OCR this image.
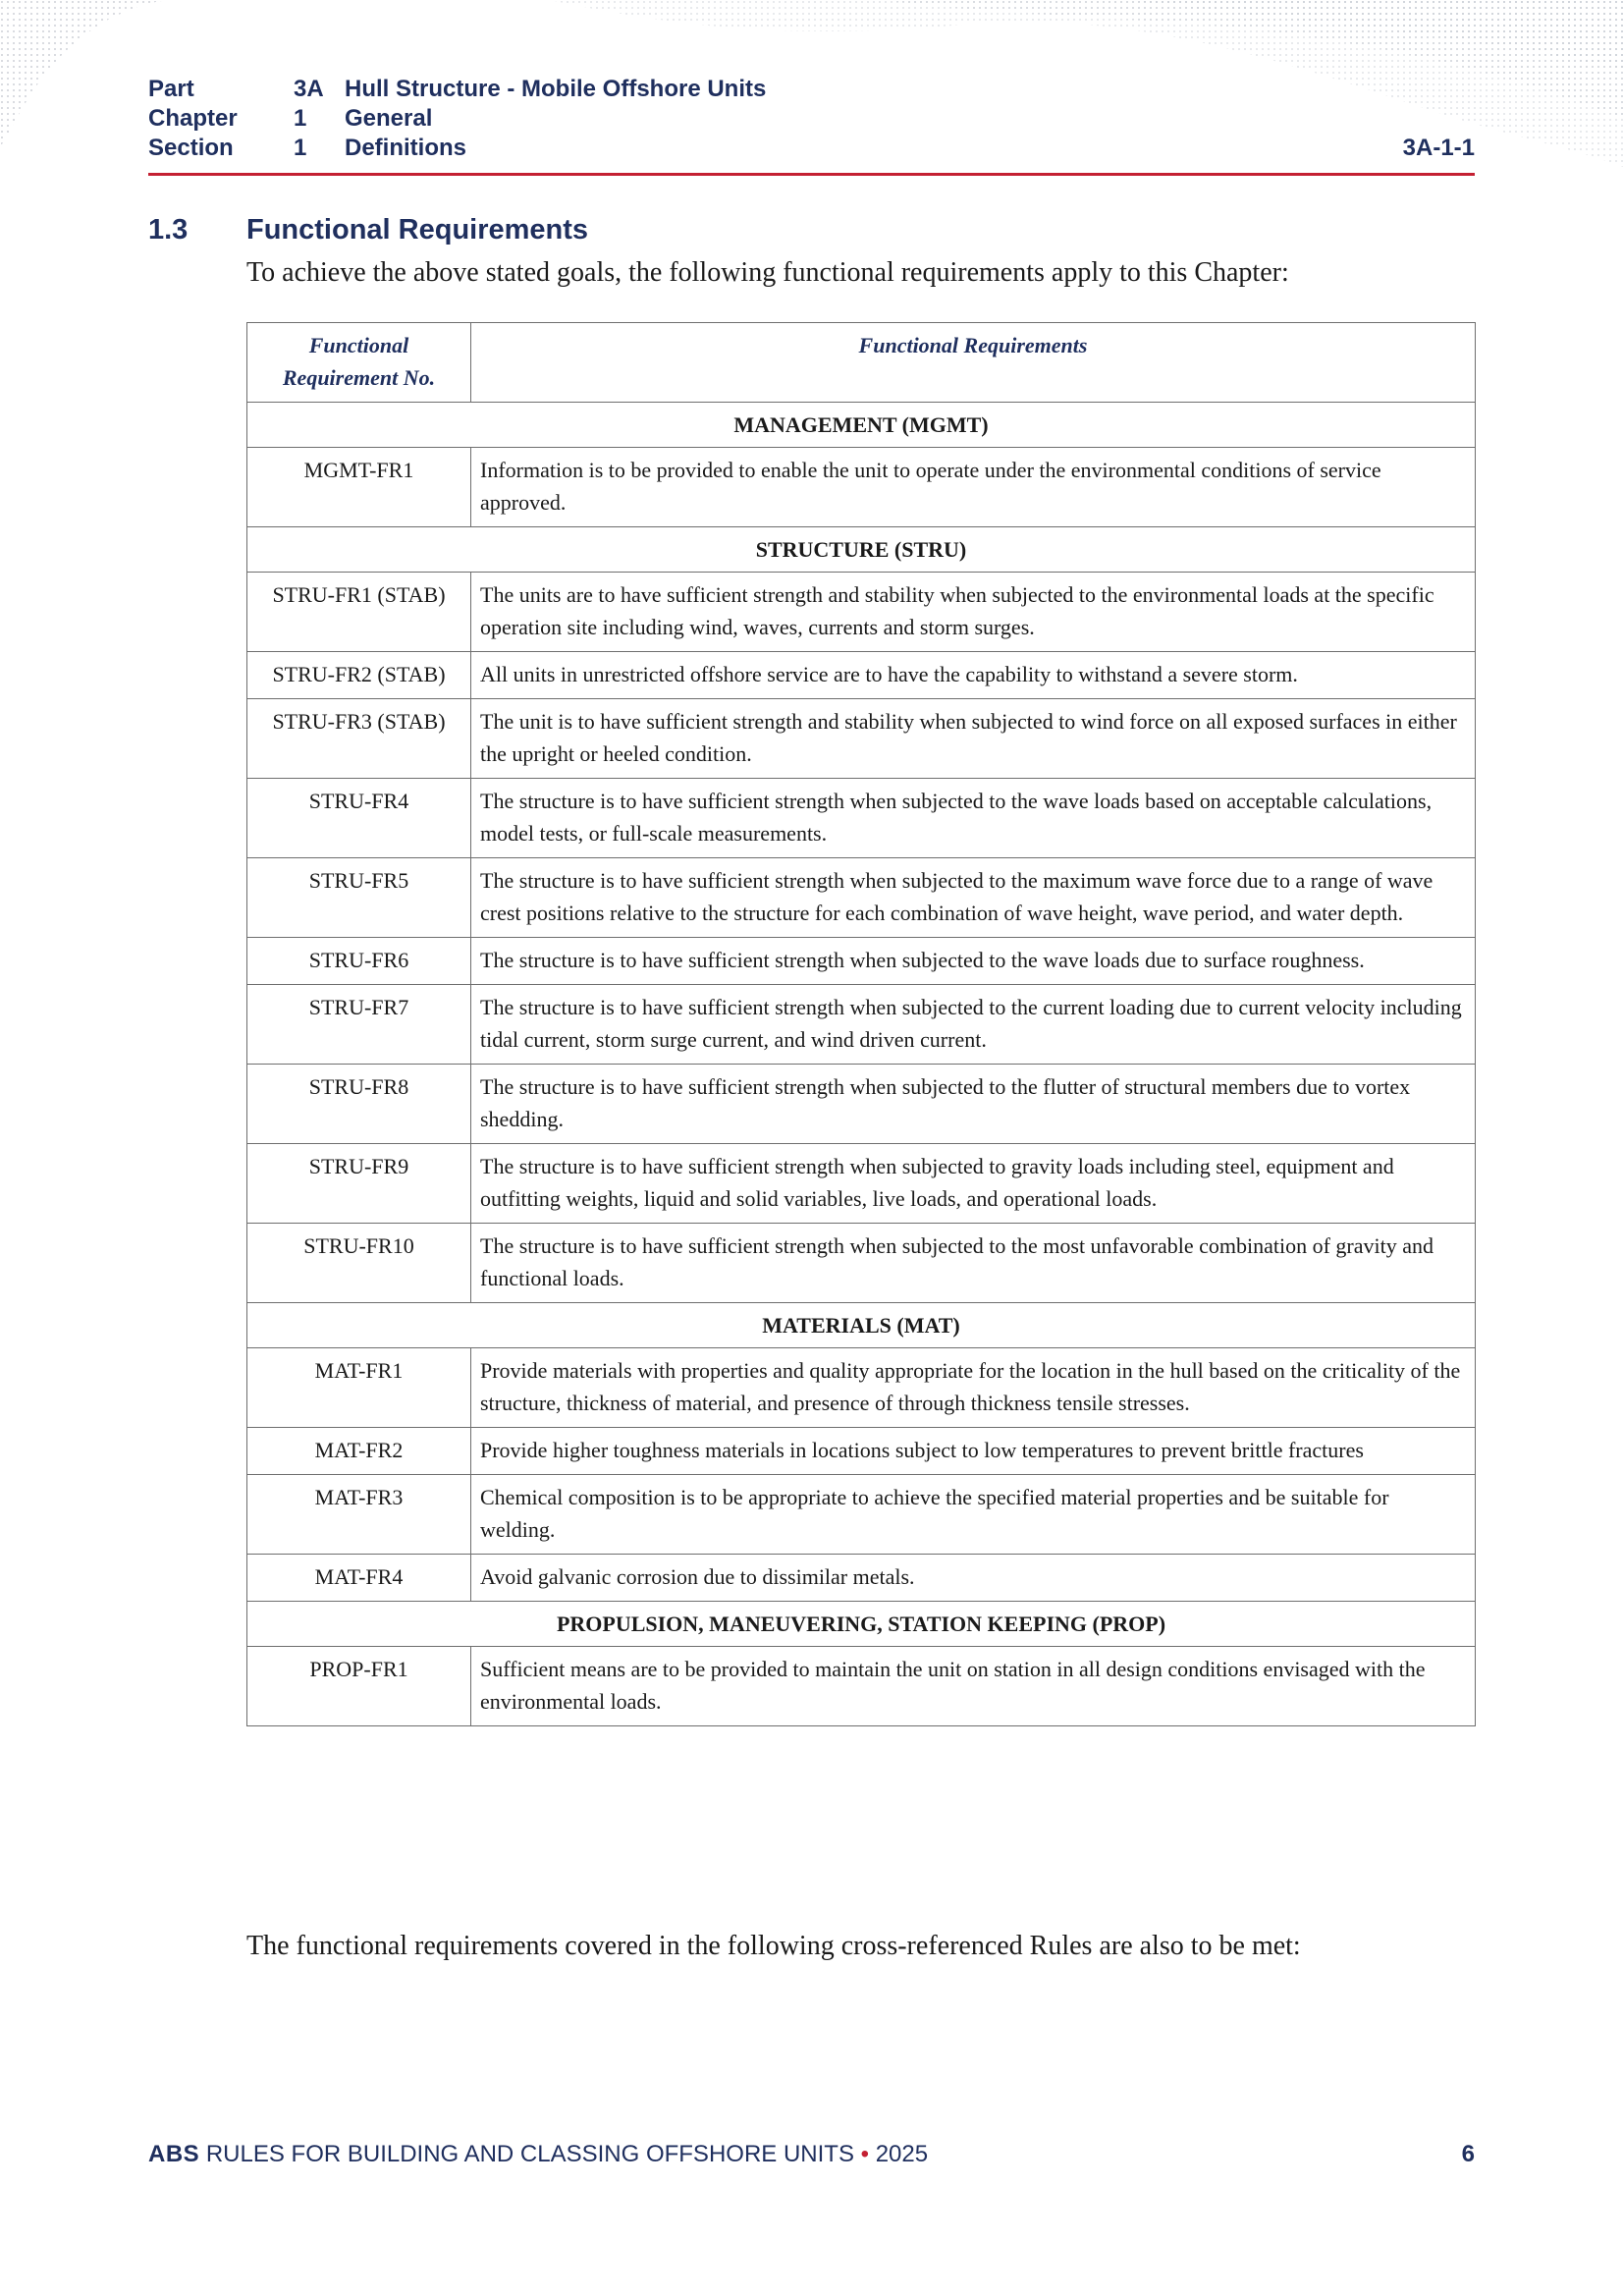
Part	3A Hull Structure - Mobile Offshore Units
Chapter 1 General
Section	1 Definitions	3A-1-1
1.3 Functional Requirements
To achieve the above stated goals, the following functional requirements apply to this Chapter:
Functional
Requirement No.	Functional Requirements
MANAGEMENT (MGMT)	
MGMT-FR1	Information is to be provided to enable the unit to operate under the environmental conditions of service approved.
STRUCTURE (STRU)	
STRU-FR1 (STAB)	The units are to have sufficient strength and stability when subjected to the environmental loads at the specific operation site including wind, waves, currents and storm surges.
STRU-FR2 (STAB)	All units in unrestricted offshore service are to have the capability to withstand a severe storm.
STRU-FR3 (STAB)	The unit is to have sufficient strength and stability when subjected to wind force on all exposed surfaces in either the upright or heeled condition.
STRU-FR4	The structure is to have sufficient strength when subjected to the wave loads based on acceptable calculations, model tests, or full-scale measurements.
STRU-FR5	The structure is to have sufficient strength when subjected to the maximum wave force due to a range of wave crest positions relative to the structure for each combination of wave height, wave period, and water depth.
STRU-FR6	The structure is to have sufficient strength when subjected to the wave loads due to surface roughness.
STRU-FR7	The structure is to have sufficient strength when subjected to the current loading due to current velocity including tidal current, storm surge current, and wind driven current.
STRU-FR8	The structure is to have sufficient strength when subjected to the flutter of structural members due to vortex shedding.
STRU-FR9	The structure is to have sufficient strength when subjected to gravity loads including steel, equipment and outfitting weights, liquid and solid variables, live loads, and operational loads.
STRU-FR10	The structure is to have sufficient strength when subjected to the most unfavorable combination of gravity and functional loads.
MATERIALS (MAT)	
MAT-FR1	Provide materials with properties and quality appropriate for the location in the hull based on the criticality of the structure, thickness of material, and presence of through thickness tensile stresses.
MAT-FR2	Provide higher toughness materials in locations subject to low temperatures to prevent brittle fractures
MAT-FR3	Chemical composition is to be appropriate to achieve the specified material properties and be suitable for welding.
MAT-FR4	Avoid galvanic corrosion due to dissimilar metals.
PROPULSION, MANEUVERING, STATION KEEPING (PROP)	
PROP-FR1	Sufficient means are to be provided to maintain the unit on station in all design conditions envisaged with the environmental loads.
The functional requirements covered in the following cross-referenced Rules are also to be met:
ABS RULES FOR BUILDING AND CLASSING OFFSHORE UNITS • 2025	6
